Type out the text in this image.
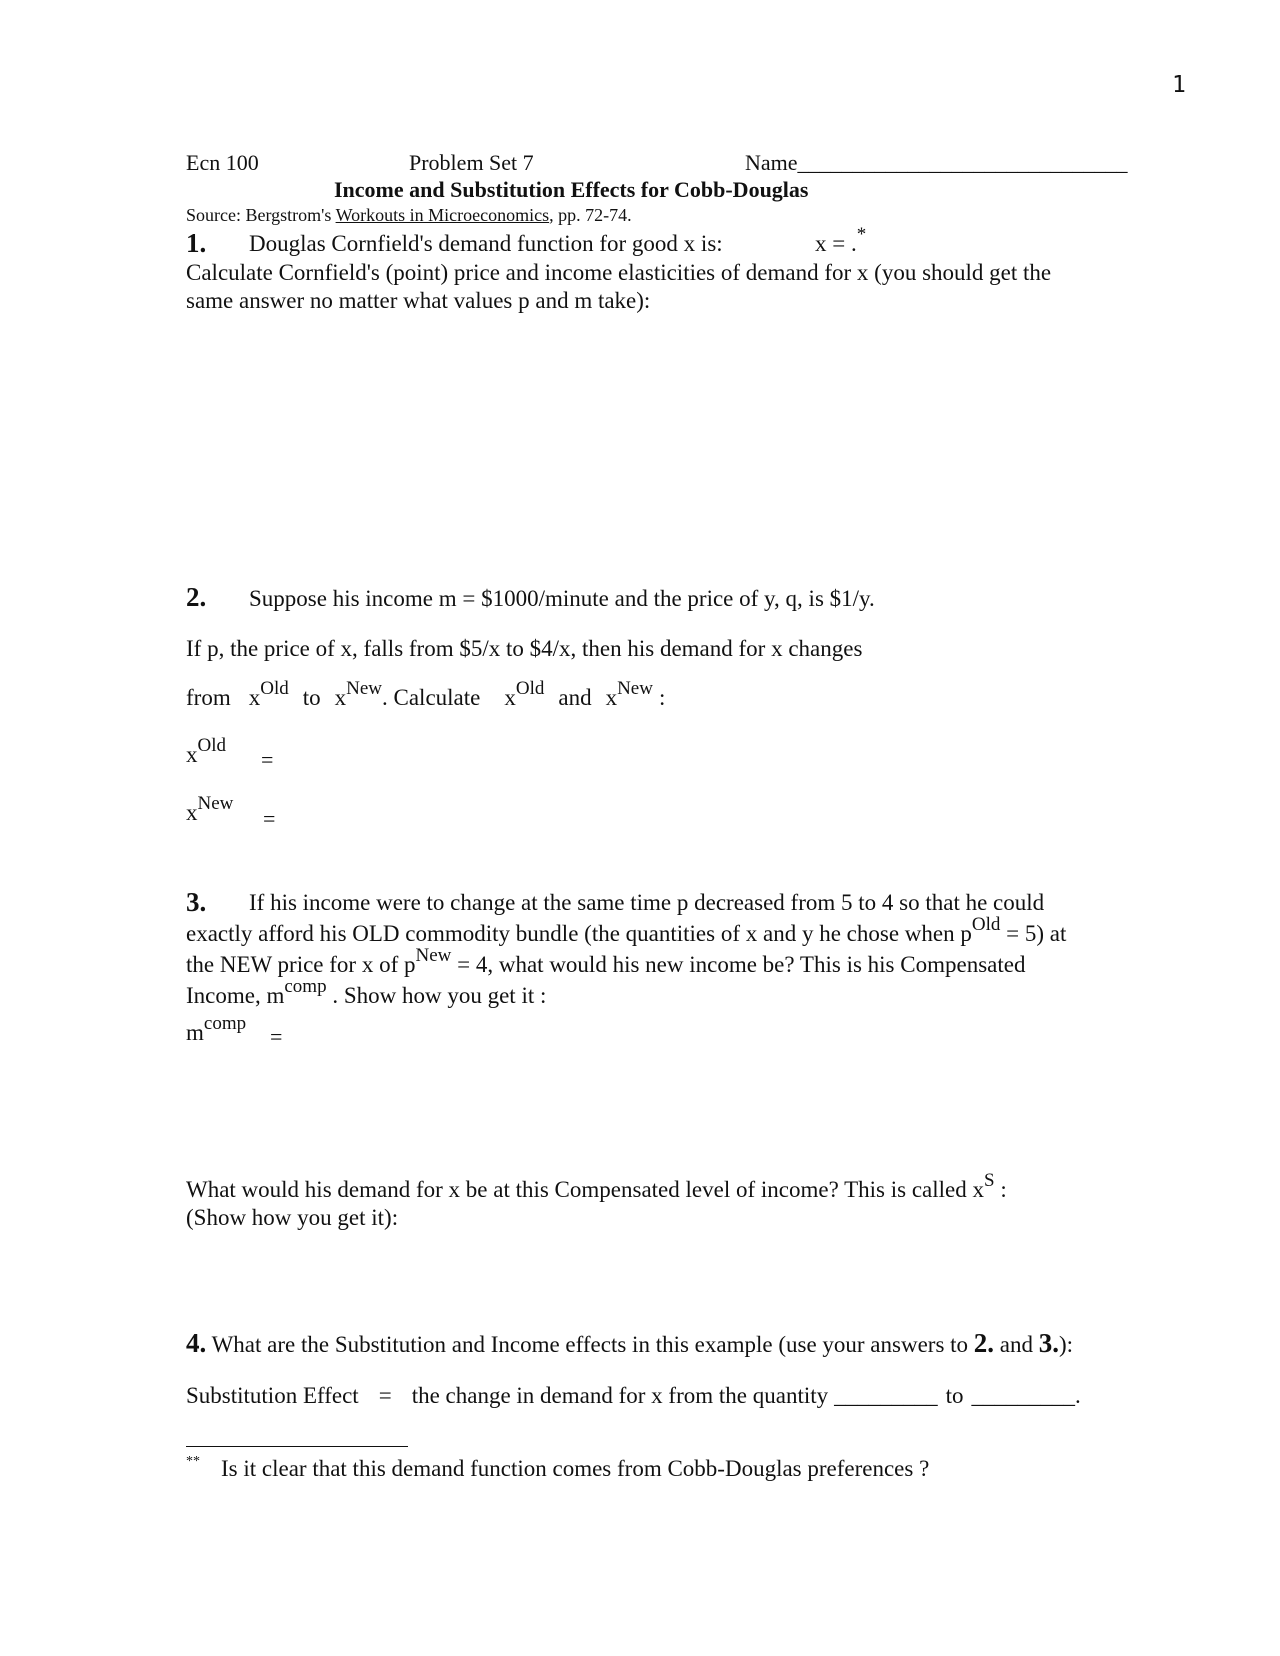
1
Ecn 100	Problem Set 7	Name______________________________
Income and Substitution Effects for Cobb-Douglas
Source: Bergstrom's Workouts in Microeconomics, pp. 72-74.
1. Douglas Cornfield's demand function for good x is:	x = .*
Calculate Cornfield's (point) price and income elasticities of demand for x (you should get the
same answer no matter what values p and m take):
2. Suppose his income m = $1000/minute and the price of y, q, is $1/y.
If p, the price of x, falls from $5/x to $4/x, then his demand for x changes
from $x^{Old}$ to $x^{New}$. Calculate $x^{Old}$ and $x^{New}$ :
$x^{Old}$
=
$x^{New}$
=
3. If his income were to change at the same time p decreased from 5 to 4 so that he could
exactly afford his OLD commodity bundle (the quantities of x and y he chose when $p^{Old} = 5$) at
the NEW price for x of $p^{New} = 4$, what would his new income be? This is his Compensated
Income, $m^{comp}$ . Show how you get it :
$m^{comp}$
=
What would his demand for x be at this Compensated level of income? This is called $x^S$ :
(Show how you get it):
4. What are the Substitution and Income effects in this example (use your answers to 2. and 3.):
Substitution Effect = the change in demand for x from the quantity _________ to _________.
** Is it clear that this demand function comes from Cobb-Douglas preferences ?
